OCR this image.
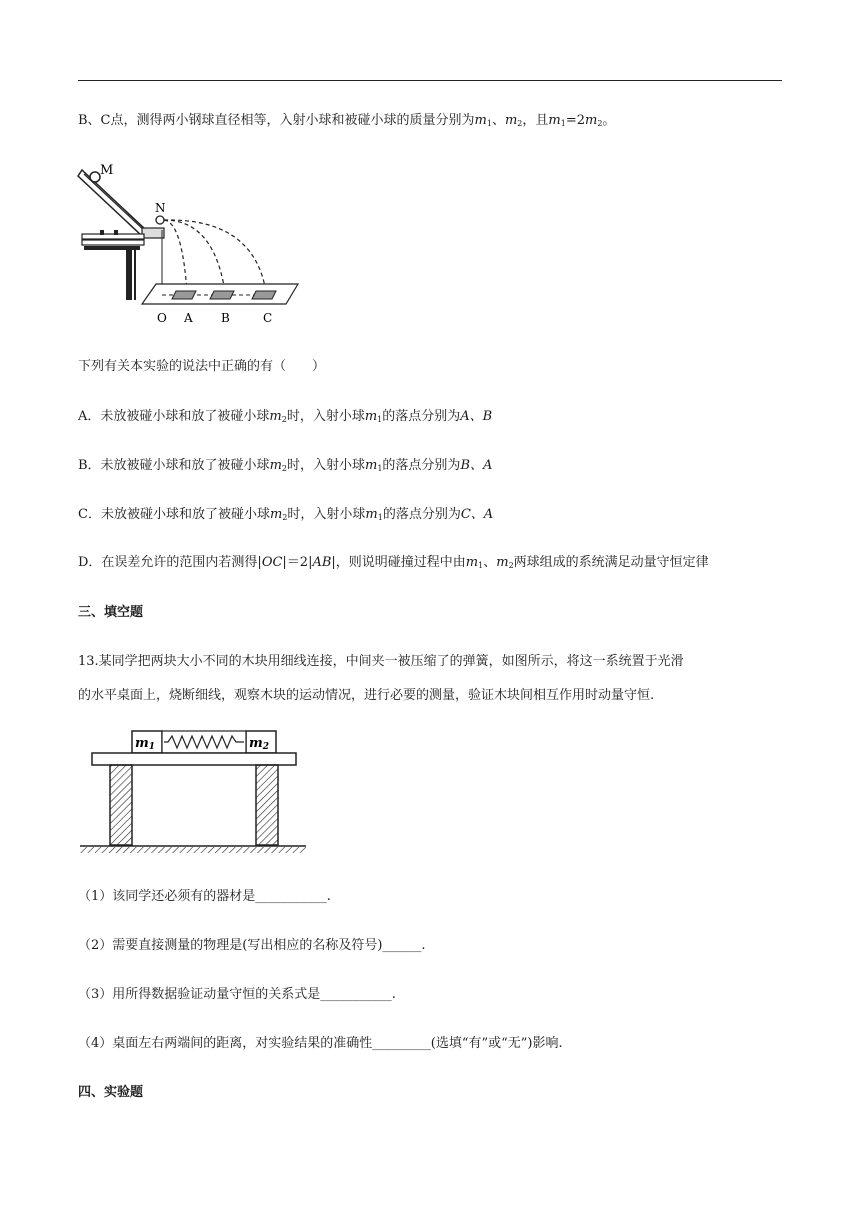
B、C点，测得两小钢球直径相等，入射小球和被碰小球的质量分别为$m_1$、$m_2$，且$m_1=2m_2$。
M
N
O A B	C
下列有关本实验的说法中正确的有（　　）
A．未放被碰小球和放了被碰小球$m_2$时，入射小球$m_1$的落点分别为A、B
B．未放被碰小球和放了被碰小球$m_2$时，入射小球$m_1$的落点分别为B、A
C．未放被碰小球和放了被碰小球$m_2$时，入射小球$m_1$的落点分别为C、A
D．在误差允许的范围内若测得|OC|＝2|AB|，则说明碰撞过程中由$m_1$、$m_2$两球组成的系统满足动量守恒定律
三、填空题
13.某同学把两块大小不同的木块用细线连接，中间夹一被压缩了的弹簧，如图所示，将这一系统置于光滑
的水平桌面上，烧断细线，观察木块的运动情况，进行必要的测量，验证木块间相互作用时动量守恒.
m1	m2
（1）该同学还必须有的器材是___________.
（2）需要直接测量的物理是(写出相应的名称及符号)______.
（3）用所得数据验证动量守恒的关系式是___________.
（4）桌面左右两端间的距离，对实验结果的准确性_________(选填“有”或“无”)影响.
四、实验题
